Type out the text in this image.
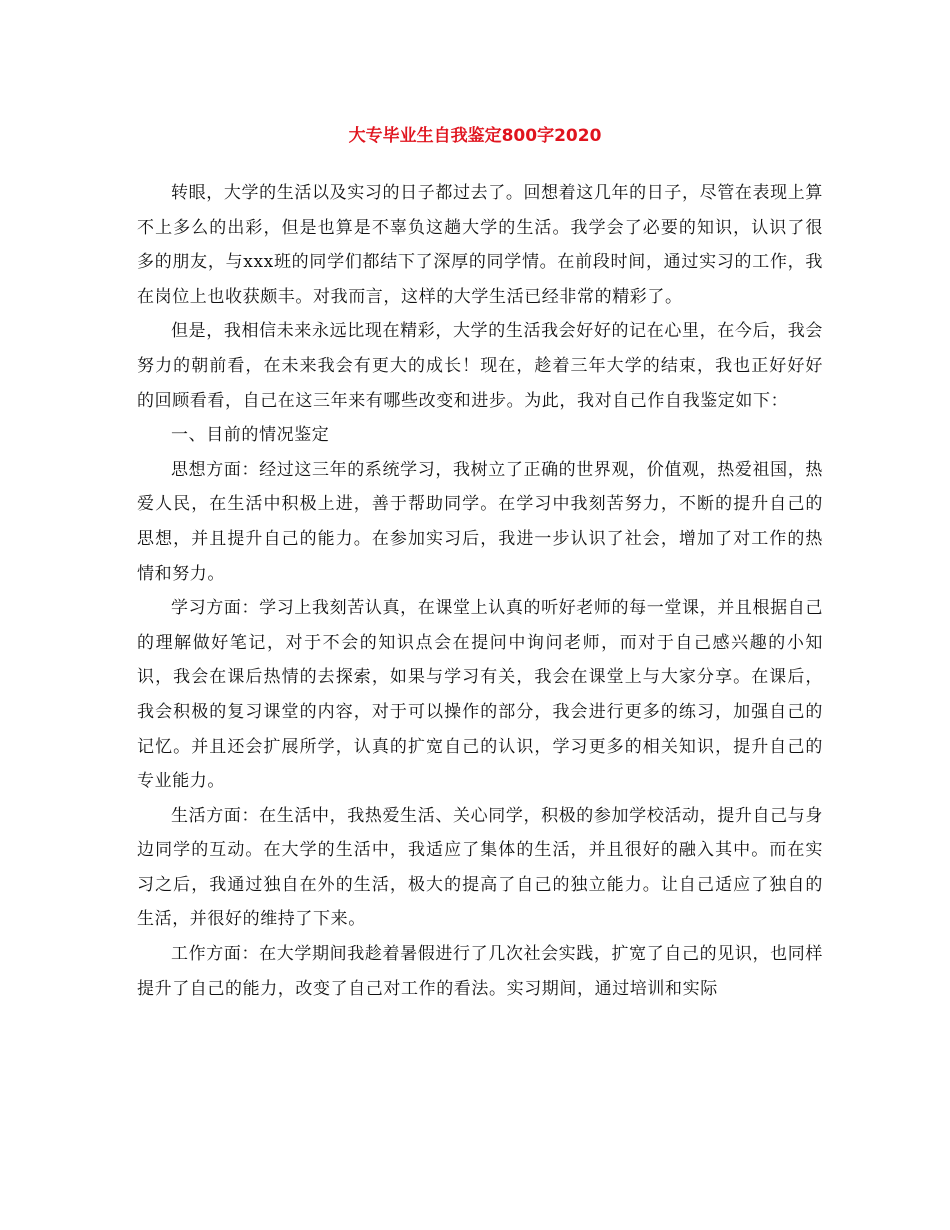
大专毕业生自我鉴定800字2020

转眼，大学的生活以及实习的日子都过去了。回想着这几年的日子，尽管在表现上算不上多么的出彩，但是也算是不辜负这趟大学的生活。我学会了必要的知识，认识了很多的朋友，与xxx班的同学们都结下了深厚的同学情。在前段时间，通过实习的工作，我在岗位上也收获颇丰。对我而言，这样的大学生活已经非常的精彩了。

但是，我相信未来永远比现在精彩，大学的生活我会好好的记在心里，在今后，我会努力的朝前看，在未来我会有更大的成长！现在，趁着三年大学的结束，我也正好好好的回顾看看，自己在这三年来有哪些改变和进步。为此，我对自己作自我鉴定如下：

一、目前的情况鉴定

思想方面：经过这三年的系统学习，我树立了正确的世界观，价值观，热爱祖国，热爱人民，在生活中积极上进，善于帮助同学。在学习中我刻苦努力，不断的提升自己的思想，并且提升自己的能力。在参加实习后，我进一步认识了社会，增加了对工作的热情和努力。

学习方面：学习上我刻苦认真，在课堂上认真的听好老师的每一堂课，并且根据自己的理解做好笔记，对于不会的知识点会在提问中询问老师，而对于自己感兴趣的小知识，我会在课后热情的去探索，如果与学习有关，我会在课堂上与大家分享。在课后，我会积极的复习课堂的内容，对于可以操作的部分，我会进行更多的练习，加强自己的记忆。并且还会扩展所学，认真的扩宽自己的认识，学习更多的相关知识，提升自己的专业能力。

生活方面：在生活中，我热爱生活、关心同学，积极的参加学校活动，提升自己与身边同学的互动。在大学的生活中，我适应了集体的生活，并且很好的融入其中。而在实习之后，我通过独自在外的生活，极大的提高了自己的独立能力。让自己适应了独自的生活，并很好的维持了下来。

工作方面：在大学期间我趁着暑假进行了几次社会实践，扩宽了自己的见识，也同样提升了自己的能力，改变了自己对工作的看法。实习期间，通过培训和实际
